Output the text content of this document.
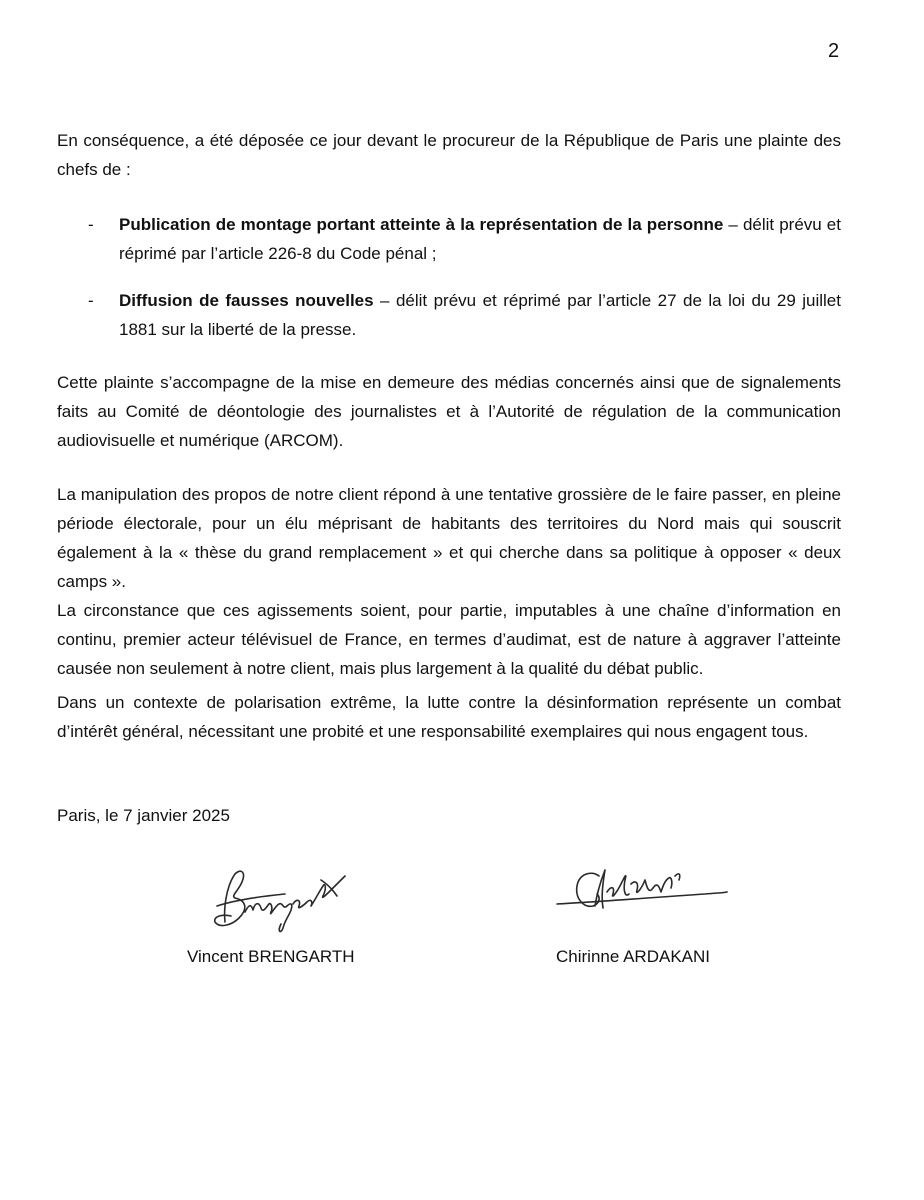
2

En conséquence, a été déposée ce jour devant le procureur de la République de Paris une plainte des chefs de :

- Publication de montage portant atteinte à la représentation de la personne – délit prévu et réprimé par l’article 226-8 du Code pénal ;
- Diffusion de fausses nouvelles – délit prévu et réprimé par l’article 27 de la loi du 29 juillet 1881 sur la liberté de la presse.

Cette plainte s’accompagne de la mise en demeure des médias concernés ainsi que de signalements faits au Comité de déontologie des journalistes et à l’Autorité de régulation de la communication audiovisuelle et numérique (ARCOM).

La manipulation des propos de notre client répond à une tentative grossière de le faire passer, en pleine période électorale, pour un élu méprisant de habitants des territoires du Nord mais qui souscrit également à la « thèse du grand remplacement » et qui cherche dans sa politique à opposer « deux camps ».

La circonstance que ces agissements soient, pour partie, imputables à une chaîne d’information en continu, premier acteur télévisuel de France, en termes d’audimat, est de nature à aggraver l’atteinte causée non seulement à notre client, mais plus largement à la qualité du débat public.

Dans un contexte de polarisation extrême, la lutte contre la désinformation représente un combat d’intérêt général, nécessitant une probité et une responsabilité exemplaires qui nous engagent tous.

Paris, le 7 janvier 2025

Vincent BRENGARTH	Chirinne ARDAKANI
